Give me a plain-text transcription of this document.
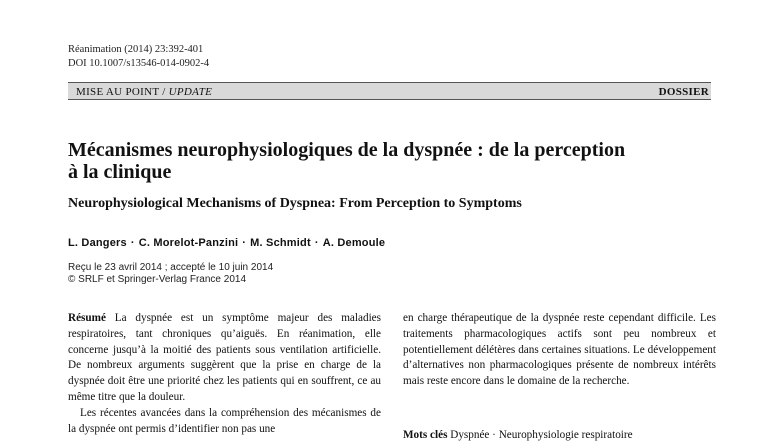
Réanimation (2014) 23:392-401
DOI 10.1007/s13546-014-0902-4
MISE AU POINT / UPDATE	DOSSIER
Mécanismes neurophysiologiques de la dyspnée : de la perception
à la clinique
Neurophysiological Mechanisms of Dyspnea: From Perception to Symptoms
L. Dangers · C. Morelot-Panzini · M. Schmidt · A. Demoule
Reçu le 23 avril 2014 ; accepté le 10 juin 2014
© SRLF et Springer-Verlag France 2014

Résumé La dyspnée est un symptôme majeur des maladies respiratoires, tant chroniques qu’aiguës. En réanimation, elle concerne jusqu’à la moitié des patients sous ventilation artificielle. De nombreux arguments suggèrent que la prise en charge de la dyspnée doit être une priorité chez les patients qui en souffrent, ce au même titre que la douleur.

Les récentes avancées dans la compréhension des mécanismes de la dyspnée ont permis d’identifier non pas une

en charge thérapeutique de la dyspnée reste cependant difficile. Les traitements pharmacologiques actifs sont peu nombreux et potentiellement délétères dans certaines situations. Le développement d’alternatives non pharmacologiques présente de nombreux intérêts mais reste encore dans le domaine de la recherche.

Mots clés Dyspnée · Neurophysiologie respiratoire
